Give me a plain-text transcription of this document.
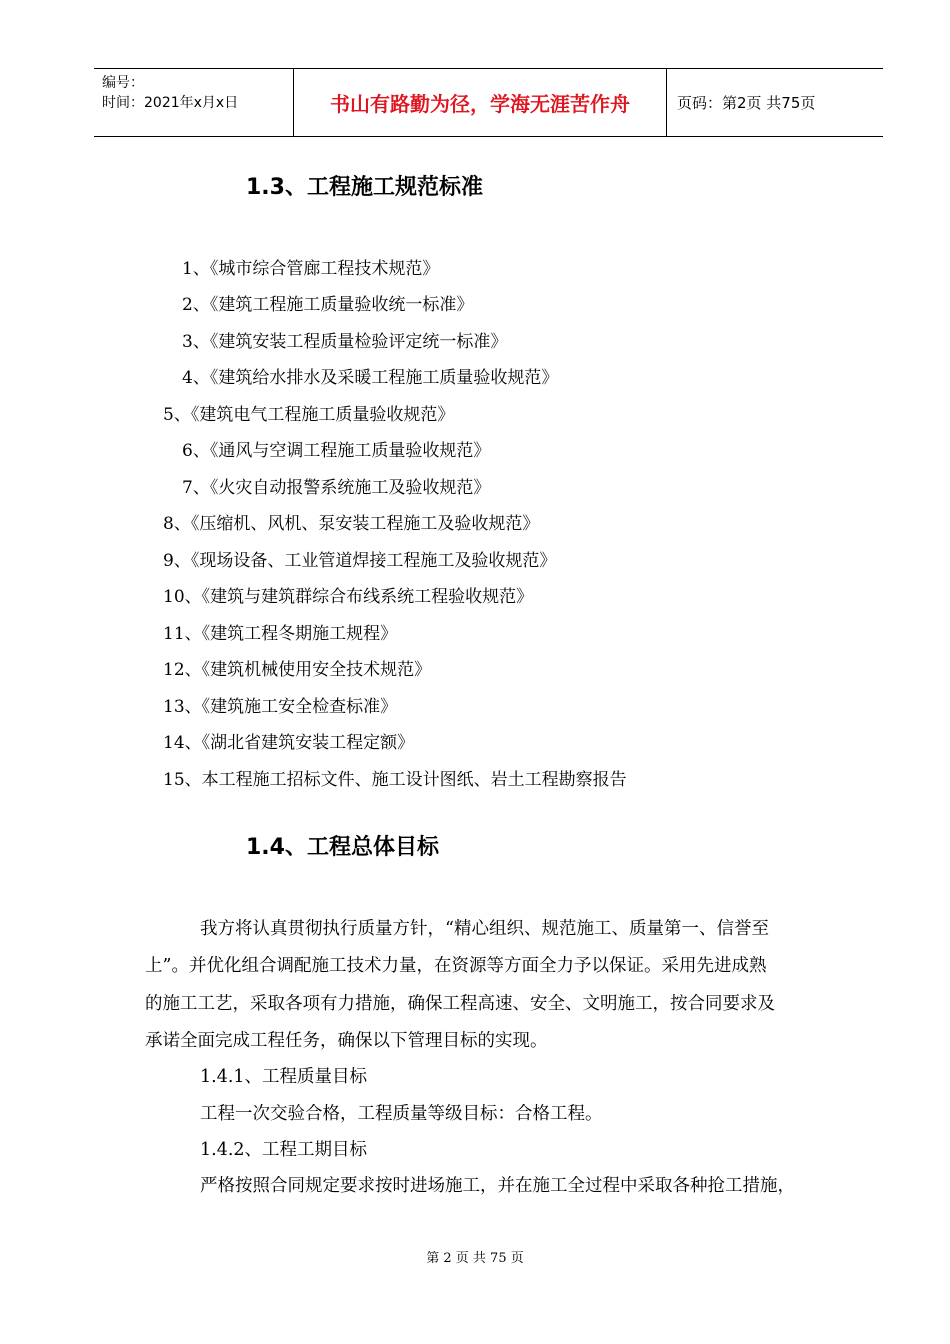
编号：
时间：2021年x月x日	书山有路勤为径，学海无涯苦作舟	页码：第2页 共75页
1.3、工程施工规范标准
1、《城市综合管廊工程技术规范》
2、《建筑工程施工质量验收统一标准》
3、《建筑安装工程质量检验评定统一标准》
4、《建筑给水排水及采暖工程施工质量验收规范》
5、《建筑电气工程施工质量验收规范》
6、《通风与空调工程施工质量验收规范》
7、《火灾自动报警系统施工及验收规范》
8、《压缩机、风机、泵安装工程施工及验收规范》
9、《现场设备、工业管道焊接工程施工及验收规范》
10、《建筑与建筑群综合布线系统工程验收规范》
11、《建筑工程冬期施工规程》
12、《建筑机械使用安全技术规范》
13、《建筑施工安全检查标准》
14、《湖北省建筑安装工程定额》
15、本工程施工招标文件、施工设计图纸、岩土工程勘察报告
1.4、工程总体目标
我方将认真贯彻执行质量方针，“精心组织、规范施工、质量第一、信誉至
上”。并优化组合调配施工技术力量，在资源等方面全力予以保证。采用先进成熟
的施工工艺，采取各项有力措施，确保工程高速、安全、文明施工，按合同要求及
承诺全面完成工程任务，确保以下管理目标的实现。
1.4.1、工程质量目标
工程一次交验合格，工程质量等级目标：合格工程。
1.4.2、工程工期目标
严格按照合同规定要求按时进场施工，并在施工全过程中采取各种抢工措施，
第 2 页 共 75 页
